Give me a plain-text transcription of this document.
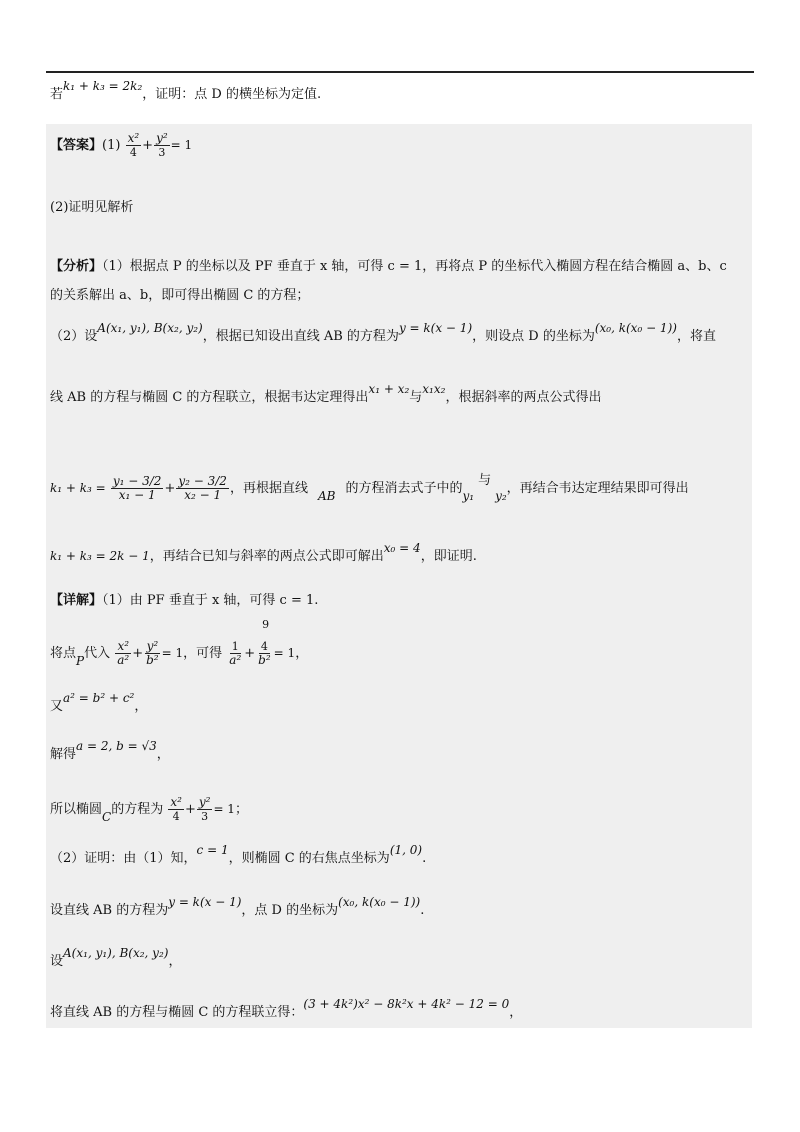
若k₁ + k₃ = 2k₂，证明：点 D 的横坐标为定值.
【答案】$(1) \frac{\text{x²}}{4} + \frac{\text{y²}}{3} = 1$
(2)证明见解析
【分析】（1）根据点 P 的坐标以及 PF 垂直于 x 轴，可得 c = 1，再将点 P 的坐标代入椭圆方程在结合椭圆 a、b、c
的关系解出 a、b，即可得出椭圆 C 的方程；
（2）设A(x₁, y₁), B(x₂, y₂)，根据已知设出直线 AB 的方程为y = k(x − 1)，则设点 D 的坐标为(x₀, k(x₀ − 1))，将直
线 AB 的方程与椭圆 C 的方程联立，根据韦达定理得出x₁ + x₂与x₁x₂，根据斜率的两点公式得出
$k_1 + k_3 = \frac{\text{y₁ − 3/2}}{\text{x₁ − 1}} + \frac{\text{y₂ − 3/2}}{\text{x₂ − 1}}$ ，再根据直线 AB 的方程消去式子中的y₁与y₂，再结合韦达定理结果即可得出
k₁ + k₃ = 2k − 1，再结合已知与斜率的两点公式即可解出x₀ = 4，即证明.
【详解】（1）由 PF 垂直于 x 轴，可得 c = 1.
将点P代入 $\frac{\text{x²}}{\text{a²}} + \frac{\text{y²}}{\text{b²}} = 1$，可得 $\frac{1}{\text{a²}}$ +
9
4
b² = 1，
又a² = b² + c²，
解得a = 2, b = √3，
所以椭圆C的方程为 $\frac{\text{x²}}{4} + \frac{\text{y²}}{3} = 1$；
（2）证明：由（1）知，c = 1，则椭圆 C 的右焦点坐标为(1, 0).
设直线 AB 的方程为y = k(x − 1)，点 D 的坐标为(x₀, k(x₀ − 1)).
设A(x₁, y₁), B(x₂, y₂)，
将直线 AB 的方程与椭圆 C 的方程联立得：(3 + 4k²)x² − 8k²x + 4k² − 12 = 0，
